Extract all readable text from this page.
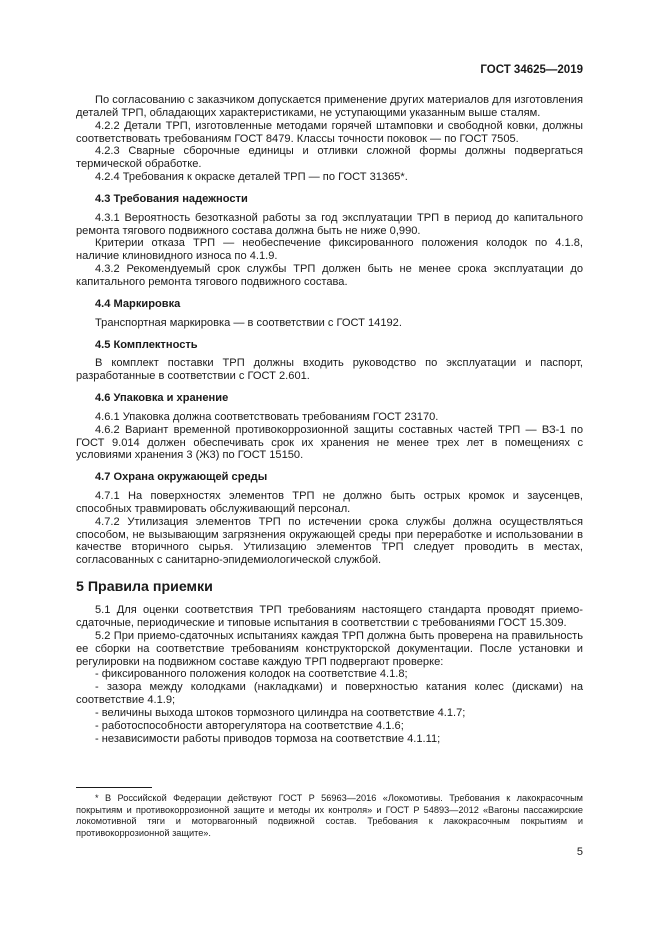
ГОСТ 34625—2019

По согласованию с заказчиком допускается применение других материалов для изготовления деталей ТРП, обладающих характеристиками, не уступающими указанным выше сталям.

4.2.2 Детали ТРП, изготовленные методами горячей штамповки и свободной ковки, должны соответствовать требованиям ГОСТ 8479. Классы точности поковок — по ГОСТ 7505.

4.2.3 Сварные сборочные единицы и отливки сложной формы должны подвергаться термической обработке.

4.2.4 Требования к окраске деталей ТРП — по ГОСТ 31365*.

4.3 Требования надежности

4.3.1 Вероятность безотказной работы за год эксплуатации ТРП в период до капитального ремонта тягового подвижного состава должна быть не ниже 0,990.

Критерии отказа ТРП — необеспечение фиксированного положения колодок по 4.1.8, наличие клиновидного износа по 4.1.9.

4.3.2 Рекомендуемый срок службы ТРП должен быть не менее срока эксплуатации до капитального ремонта тягового подвижного состава.

4.4 Маркировка

Транспортная маркировка — в соответствии с ГОСТ 14192.

4.5 Комплектность

В комплект поставки ТРП должны входить руководство по эксплуатации и паспорт, разработанные в соответствии с ГОСТ 2.601.

4.6 Упаковка и хранение

4.6.1 Упаковка должна соответствовать требованиям ГОСТ 23170.

4.6.2 Вариант временной противокоррозионной защиты составных частей ТРП — ВЗ-1 по ГОСТ 9.014 должен обеспечивать срок их хранения не менее трех лет в помещениях с условиями хранения 3 (Ж3) по ГОСТ 15150.

4.7 Охрана окружающей среды

4.7.1 На поверхностях элементов ТРП не должно быть острых кромок и заусенцев, способных травмировать обслуживающий персонал.

4.7.2 Утилизация элементов ТРП по истечении срока службы должна осуществляться способом, не вызывающим загрязнения окружающей среды при переработке и использовании в качестве вторичного сырья. Утилизацию элементов ТРП следует проводить в местах, согласованных с санитарно-эпидемиологической службой.

5 Правила приемки

5.1 Для оценки соответствия ТРП требованиям настоящего стандарта проводят приемо-сдаточные, периодические и типовые испытания в соответствии с требованиями ГОСТ 15.309.

5.2 При приемо-сдаточных испытаниях каждая ТРП должна быть проверена на правильность ее сборки на соответствие требованиям конструкторской документации. После установки и регулировки на подвижном составе каждую ТРП подвергают проверке:

- фиксированного положения колодок на соответствие 4.1.8;

- зазора между колодками (накладками) и поверхностью катания колес (дисками) на соответствие 4.1.9;

- величины выхода штоков тормозного цилиндра на соответствие 4.1.7;

- работоспособности авторегулятора на соответствие 4.1.6;

- независимости работы приводов тормоза на соответствие 4.1.11;

* В Российской Федерации действуют ГОСТ Р 56963—2016 «Локомотивы. Требования к лакокрасочным покрытиям и противокоррозионной защите и методы их контроля» и ГОСТ Р 54893—2012 «Вагоны пассажирские локомотивной тяги и моторвагонный подвижной состав. Требования к лакокрасочным покрытиям и противокоррозионной защите».

5
